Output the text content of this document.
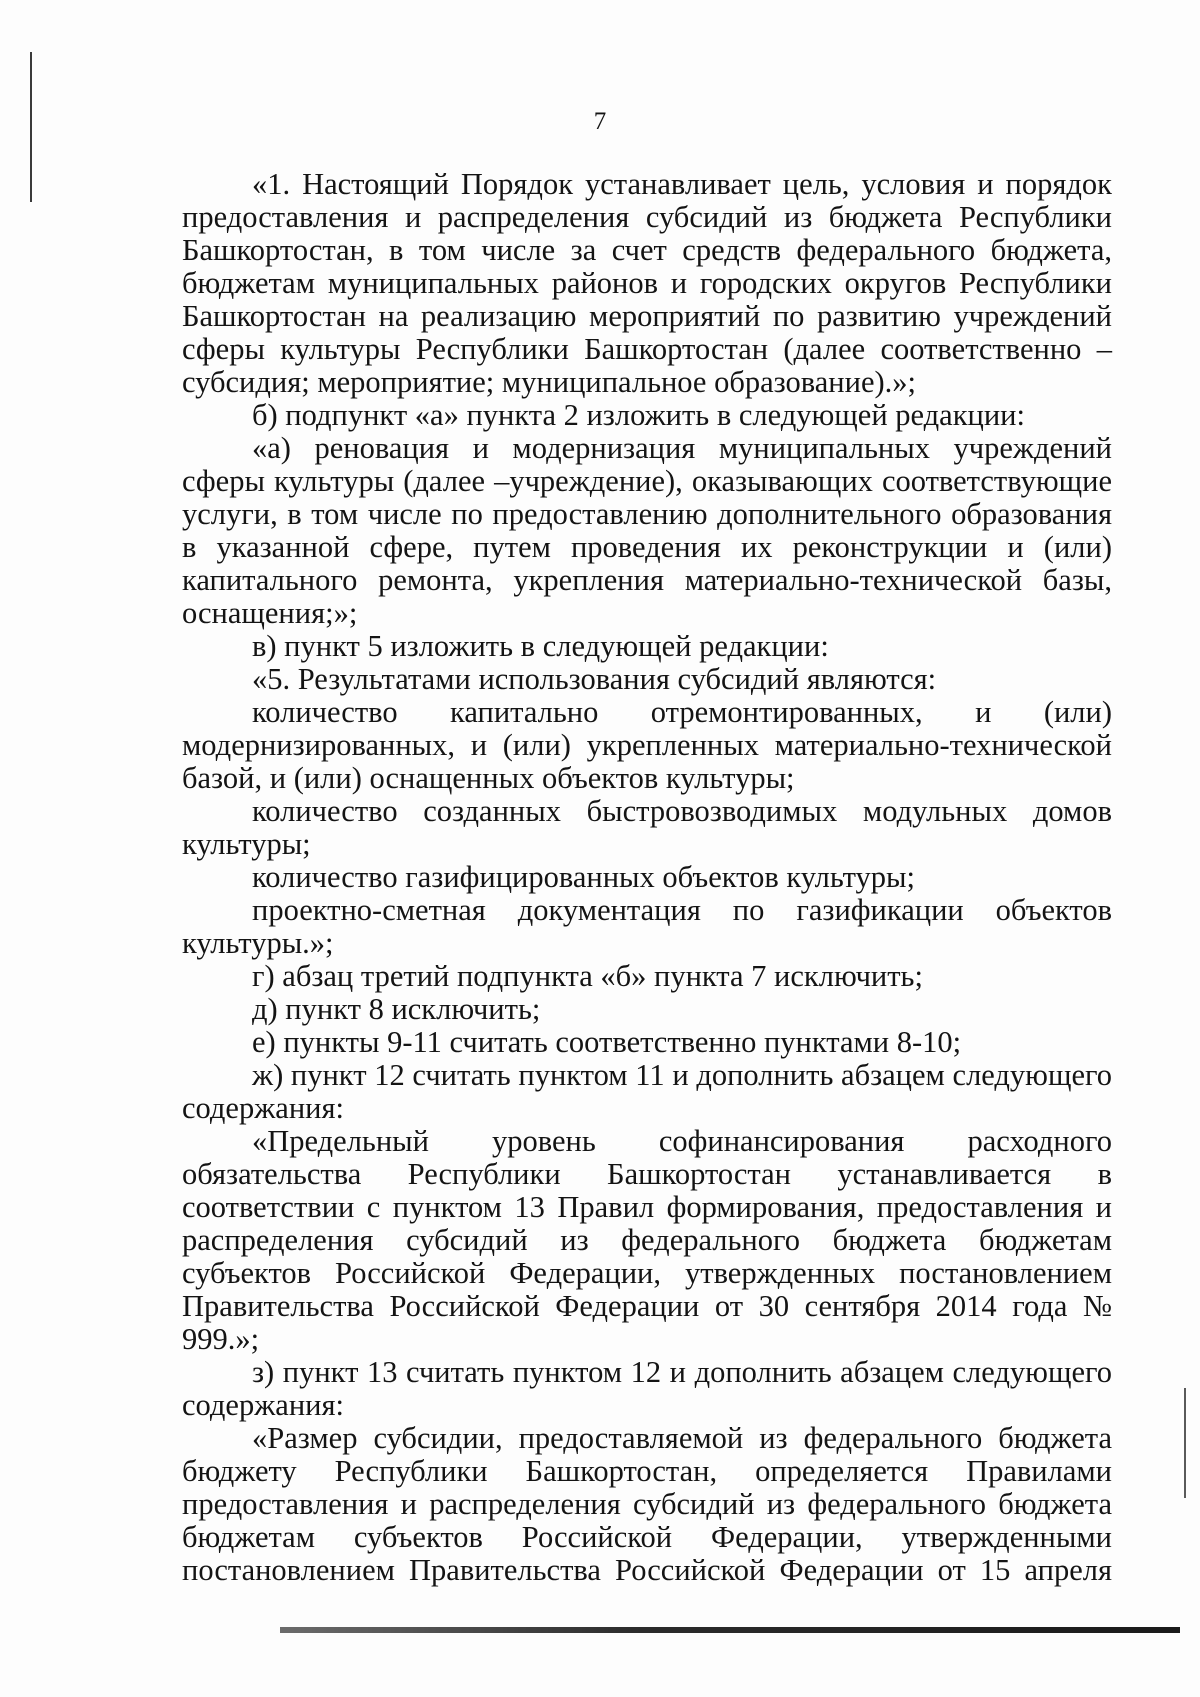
7

«1. Настоящий Порядок устанавливает цель, условия и порядок предоставления и распределения субсидий из бюджета Республики Башкортостан, в том числе за счет средств федерального бюджета, бюджетам муниципальных районов и городских округов Республики Башкортостан на реализацию мероприятий по развитию учреждений сферы культуры Республики Башкортостан (далее соответственно – субсидия; мероприятие; муниципальное образование).»;

б) подпункт «а» пункта 2 изложить в следующей редакции:

«а) реновация и модернизация муниципальных учреждений сферы культуры (далее –учреждение), оказывающих соответствующие услуги, в том числе по предоставлению дополнительного образования в указанной сфере, путем проведения их реконструкции и (или) капитального ремонта, укрепления материально-технической базы, оснащения;»;

в) пункт 5 изложить в следующей редакции:

«5. Результатами использования субсидий являются:

количество капитально отремонтированных, и (или) модернизированных, и (или) укрепленных материально-технической базой, и (или) оснащенных объектов культуры;

количество созданных быстровозводимых модульных домов культуры;

количество газифицированных объектов культуры;

проектно-сметная документация по газификации объектов культуры.»;

г) абзац третий подпункта «б» пункта 7 исключить;

д) пункт 8 исключить;

е) пункты 9-11 считать соответственно пунктами 8-10;

ж) пункт 12 считать пунктом 11 и дополнить абзацем следующего содержания:

«Предельный уровень софинансирования расходного обязательства Республики Башкортостан устанавливается в соответствии с пунктом 13 Правил формирования, предоставления и распределения субсидий из федерального бюджета бюджетам субъектов Российской Федерации, утвержденных постановлением Правительства Российской Федерации от 30 сентября 2014 года № 999.»;

з) пункт 13 считать пунктом 12 и дополнить абзацем следующего содержания:

«Размер субсидии, предоставляемой из федерального бюджета бюджету Республики Башкортостан, определяется Правилами предоставления и распределения субсидий из федерального бюджета бюджетам субъектов Российской Федерации, утвержденными постановлением Правительства Российской Федерации от 15 апреля
